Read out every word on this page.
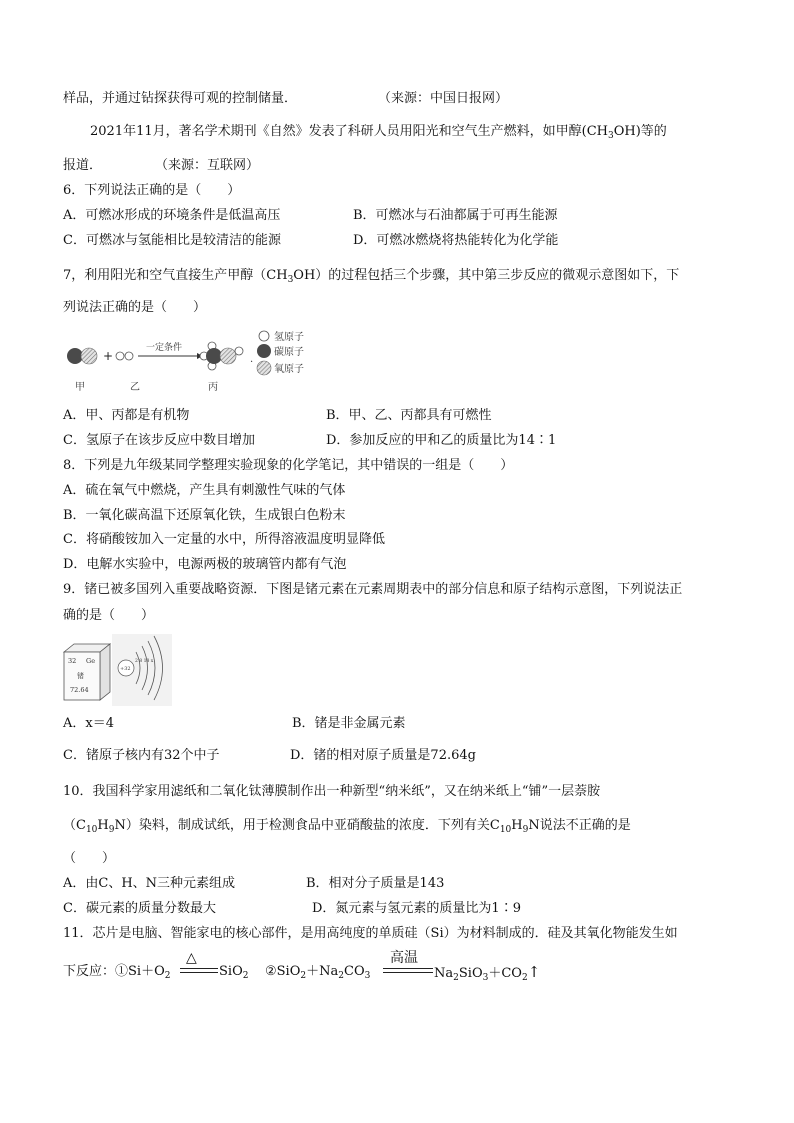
样品，并通过钻探获得可观的控制储量．	（来源：中国日报网）
2021年11月，著名学术期刊《自然》发表了科研人员用阳光和空气生产燃料，如甲醇$(CH_3OH)$等的
报道．	（来源：互联网）
6．下列说法正确的是（　　）
A．可燃冰形成的环境条件是低温高压	B．可燃冰与石油都属于可再生能源
C．可燃冰与氢能相比是较清洁的能源	D．可燃冰燃烧将热能转化为化学能
7，利用阳光和空气直接生产甲醇$(CH_3OH)$的过程包括三个步骤，其中第三步反应的微观示意图如下，下
列说法正确的是（　　）
+
一定条件
.
氢原子
碳原子
氧原子
甲	乙	丙
A．甲、丙都是有机物	B．甲、乙、丙都具有可燃性
C．氢原子在该步反应中数目增加	D．参加反应的甲和乙的质量比为14∶1
8．下列是九年级某同学整理实验现象的化学笔记，其中错误的一组是（　　）
A．硫在氧气中燃烧，产生具有刺激性气味的气体
B．一氧化碳高温下还原氧化铁，生成银白色粉末
C．将硝酸铵加入一定量的水中，所得溶液温度明显降低
D．电解水实验中，电源两极的玻璃管内都有气泡
9．锗已被多国列入重要战略资源．下图是锗元素在元素周期表中的部分信息和原子结构示意图，下列说法正
确的是（　　）
32 Ge
锗
72.64
+32
2 8 18 x
A．x＝4	B．锗是非金属元素
C．锗原子核内有32个中子	D．锗的相对原子质量是72.64g
10．我国科学家用滤纸和二氧化钛薄膜制作出一种新型“纳米纸”，又在纳米纸上“铺”一层萘胺
$(C_{10}H_9N)$染料，制成试纸，用于检测食品中亚硝酸盐的浓度．下列有关$C_{10}H_9N$说法不正确的是
（　　）
A．由C、H、N三种元素组成	B．相对分子质量是143
C．碳元素的质量分数最大	D．氮元素与氢元素的质量比为1∶9
11．芯片是电脑、智能家电的核心部件，是用高纯度的单质硅（Si）为材料制成的．硅及其氧化物能发生如
下反应：$①Si+O_2$
△
SiO$_2$ $②SiO_2+Na_2CO_3$
高温
$Na_2SiO_3+CO_2↑$
